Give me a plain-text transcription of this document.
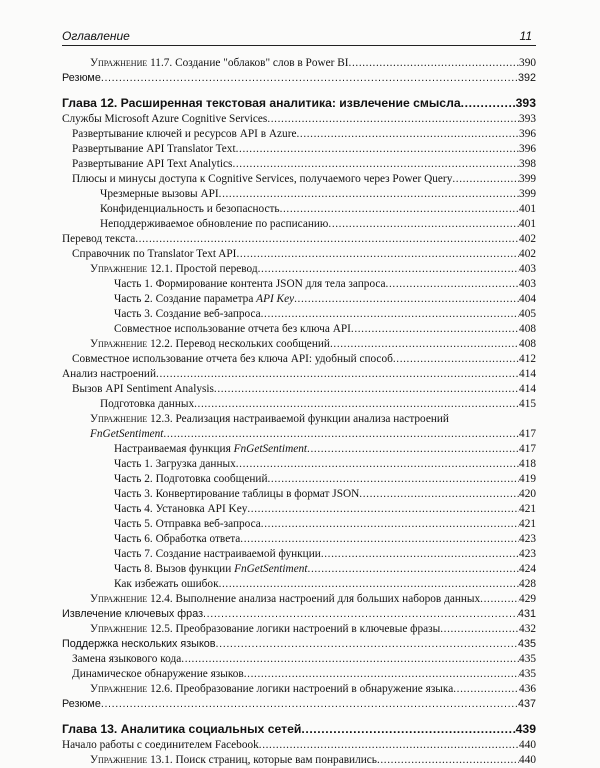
Оглавление	11
Упражнение 11.7. Создание "облаков" слов в Power BI .....	390
Резюме .....	392
Глава 12. Расширенная текстовая аналитика: извлечение смысла .....	393
Службы Microsoft Azure Cognitive Services .....	393
Развертывание ключей и ресурсов API в Azure .....	396
Развертывание API Translator Text .....	396
Развертывание API Text Analytics .....	398
Плюсы и минусы доступа к Cognitive Services, получаемого через Power Query .....	399
Чрезмерные вызовы API .....	399
Конфиденциальность и безопасность .....	401
Неподдерживаемое обновление по расписанию .....	401
Перевод текста .....	402
Справочник по Translator Text API .....	402
Упражнение 12.1. Простой перевод .....	403
Часть 1. Формирование контента JSON для тела запроса .....	403
Часть 2. Создание параметра API Key .....	404
Часть 3. Создание веб-запроса .....	405
Совместное использование отчета без ключа API .....	408
Упражнение 12.2. Перевод нескольких сообщений .....	408
Совместное использование отчета без ключа API: удобный способ .....	412
Анализ настроений .....	414
Вызов API Sentiment Analysis .....	414
Подготовка данных .....	415
Упражнение 12.3. Реализация настраиваемой функции анализа настроений
FnGetSentiment .....	417
Настраиваемая функция FnGetSentiment .....	417
Часть 1. Загрузка данных .....	418
Часть 2. Подготовка сообщений .....	419
Часть 3. Конвертирование таблицы в формат JSON .....	420
Часть 4. Установка API Key .....	421
Часть 5. Отправка веб-запроса .....	421
Часть 6. Обработка ответа .....	423
Часть 7. Создание настраиваемой функции .....	423
Часть 8. Вызов функции FnGetSentiment .....	424
Как избежать ошибок .....	428
Упражнение 12.4. Выполнение анализа настроений для больших наборов данных .....	429
Извлечение ключевых фраз .....	431
Упражнение 12.5. Преобразование логики настроений в ключевые фразы .....	432
Поддержка нескольких языков .....	435
Замена языкового кода .....	435
Динамическое обнаружение языков .....	435
Упражнение 12.6. Преобразование логики настроений в обнаружение языка .....	436
Резюме .....	437
Глава 13. Аналитика социальных сетей .....	439
Начало работы с соединителем Facebook .....	440
Упражнение 13.1. Поиск страниц, которые вам понравились .....	440
